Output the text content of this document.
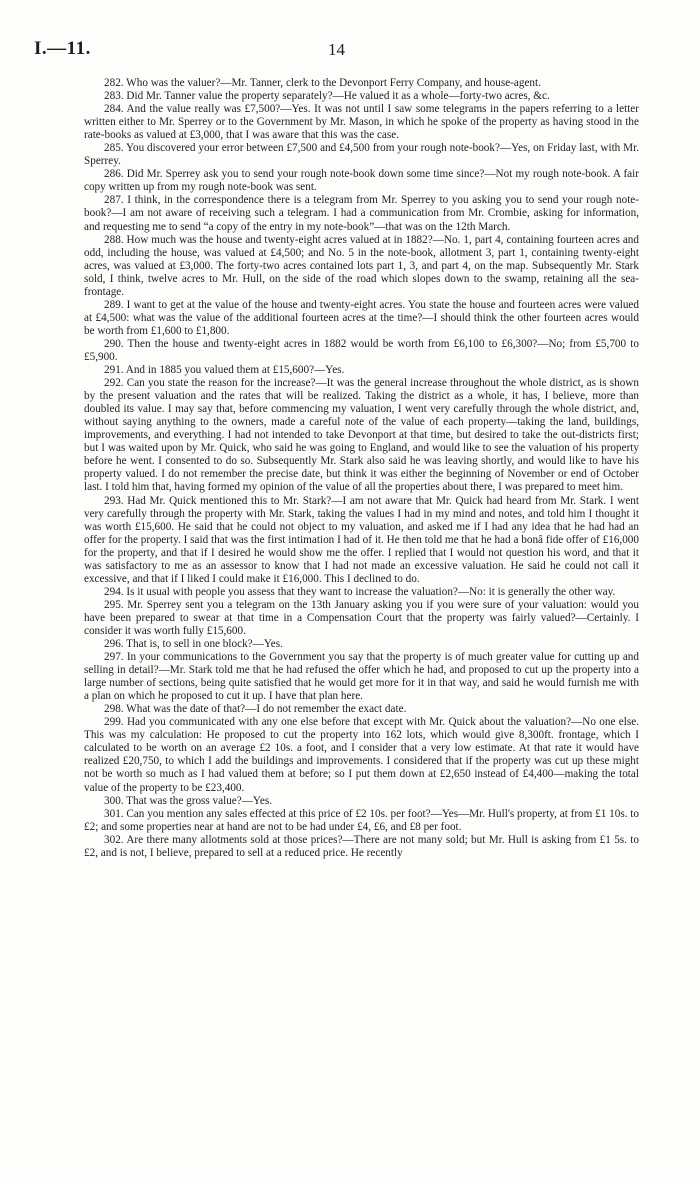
I.—11.	14

282. Who was the valuer?—Mr. Tanner, clerk to the Devonport Ferry Company, and house-agent.

283. Did Mr. Tanner value the property separately?—He valued it as a whole—forty-two acres, &c.

284. And the value really was £7,500?—Yes. It was not until I saw some telegrams in the papers referring to a letter written either to Mr. Sperrey or to the Government by Mr. Mason, in which he spoke of the property as having stood in the rate-books as valued at £3,000, that I was aware that this was the case.

285. You discovered your error between £7,500 and £4,500 from your rough note-book?—Yes, on Friday last, with Mr. Sperrey.

286. Did Mr. Sperrey ask you to send your rough note-book down some time since?—Not my rough note-book. A fair copy written up from my rough note-book was sent.

287. I think, in the correspondence there is a telegram from Mr. Sperrey to you asking you to send your rough note-book?—I am not aware of receiving such a telegram. I had a communication from Mr. Crombie, asking for information, and requesting me to send “a copy of the entry in my note-book”—that was on the 12th March.

288. How much was the house and twenty-eight acres valued at in 1882?—No. 1, part 4, containing fourteen acres and odd, including the house, was valued at £4,500; and No. 5 in the note-book, allotment 3, part 1, containing twenty-eight acres, was valued at £3,000. The forty-two acres contained lots part 1, 3, and part 4, on the map. Subsequently Mr. Stark sold, I think, twelve acres to Mr. Hull, on the side of the road which slopes down to the swamp, retaining all the sea-frontage.

289. I want to get at the value of the house and twenty-eight acres. You state the house and fourteen acres were valued at £4,500: what was the value of the additional fourteen acres at the time?—I should think the other fourteen acres would be worth from £1,600 to £1,800.

290. Then the house and twenty-eight acres in 1882 would be worth from £6,100 to £6,300?—No; from £5,700 to £5,900.

291. And in 1885 you valued them at £15,600?—Yes.

292. Can you state the reason for the increase?—It was the general increase throughout the whole district, as is shown by the present valuation and the rates that will be realized. Taking the district as a whole, it has, I believe, more than doubled its value. I may say that, before commencing my valuation, I went very carefully through the whole district, and, without saying anything to the owners, made a careful note of the value of each property—taking the land, buildings, improvements, and everything. I had not intended to take Devonport at that time, but desired to take the out-districts first; but I was waited upon by Mr. Quick, who said he was going to England, and would like to see the valuation of his property before he went. I consented to do so. Subsequently Mr. Stark also said he was leaving shortly, and would like to have his property valued. I do not remember the precise date, but think it was either the beginning of November or end of October last. I told him that, having formed my opinion of the value of all the properties about there, I was prepared to meet him.

293. Had Mr. Quick mentioned this to Mr. Stark?—I am not aware that Mr. Quick had heard from Mr. Stark. I went very carefully through the property with Mr. Stark, taking the values I had in my mind and notes, and told him I thought it was worth £15,600. He said that he could not object to my valuation, and asked me if I had any idea that he had had an offer for the property. I said that was the first intimation I had of it. He then told me that he had a bonâ fide offer of £16,000 for the property, and that if I desired he would show me the offer. I replied that I would not question his word, and that it was satisfactory to me as an assessor to know that I had not made an excessive valuation. He said he could not call it excessive, and that if I liked I could make it £16,000. This I declined to do.

294. Is it usual with people you assess that they want to increase the valuation?—No: it is generally the other way.

295. Mr. Sperrey sent you a telegram on the 13th January asking you if you were sure of your valuation: would you have been prepared to swear at that time in a Compensation Court that the property was fairly valued?—Certainly. I consider it was worth fully £15,600.

296. That is, to sell in one block?—Yes.

297. In your communications to the Government you say that the property is of much greater value for cutting up and selling in detail?—Mr. Stark told me that he had refused the offer which he had, and proposed to cut up the property into a large number of sections, being quite satisfied that he would get more for it in that way, and said he would furnish me with a plan on which he proposed to cut it up. I have that plan here.

298. What was the date of that?—I do not remember the exact date.

299. Had you communicated with any one else before that except with Mr. Quick about the valuation?—No one else. This was my calculation: He proposed to cut the property into 162 lots, which would give 8,300ft. frontage, which I calculated to be worth on an average £2 10s. a foot, and I consider that a very low estimate. At that rate it would have realized £20,750, to which I add the buildings and improvements. I considered that if the property was cut up these might not be worth so much as I had valued them at before; so I put them down at £2,650 instead of £4,400—making the total value of the property to be £23,400.

300. That was the gross value?—Yes.

301. Can you mention any sales effected at this price of £2 10s. per foot?—Yes—Mr. Hull's property, at from £1 10s. to £2; and some properties near at hand are not to be had under £4, £6, and £8 per foot.

302. Are there many allotments sold at those prices?—There are not many sold; but Mr. Hull is asking from £1 5s. to £2, and is not, I believe, prepared to sell at a reduced price. He recently
